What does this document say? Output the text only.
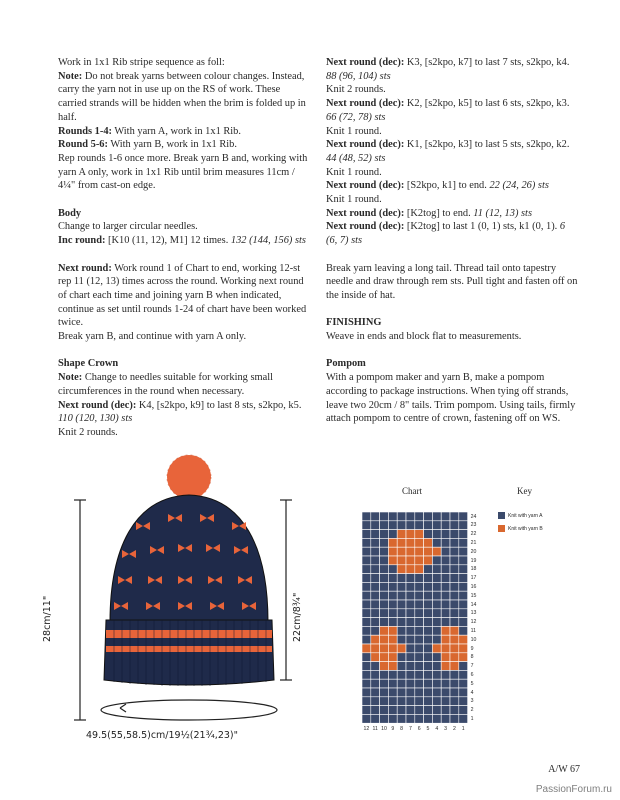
Work in 1x1 Rib stripe sequence as foll:

Note: Do not break yarns between colour changes. Instead, carry the yarn not in use up on the RS of work. These carried strands will be hidden when the brim is folded up in half.

Rounds 1-4: With yarn A, work in 1x1 Rib.

Round 5-6: With yarn B, work in 1x1 Rib.

Rep rounds 1-6 once more. Break yarn B and, working with yarn A only, work in 1x1 Rib until brim measures 11cm / 4¼" from cast-on edge.

Body

Change to larger circular needles.

Inc round: [K10 (11, 12), M1] 12 times. 132 (144, 156) sts

Next round: Work round 1 of Chart to end, working 12-st rep 11 (12, 13) times across the round. Working next round of chart each time and joining yarn B when indicated, continue as set until rounds 1-24 of chart have been worked twice.

Break yarn B, and continue with yarn A only.

Shape Crown

Note: Change to needles suitable for working small circumferences in the round when necessary.

Next round (dec): K4, [s2kpo, k9] to last 8 sts, s2kpo, k5. 110 (120, 130) sts

Knit 2 rounds.

Next round (dec): K3, [s2kpo, k7] to last 7 sts, s2kpo, k4. 88 (96, 104) sts

Knit 2 rounds.

Next round (dec): K2, [s2kpo, k5] to last 6 sts, s2kpo, k3. 66 (72, 78) sts

Knit 1 round.

Next round (dec): K1, [s2kpo, k3] to last 5 sts, s2kpo, k2. 44 (48, 52) sts

Knit 1 round.

Next round (dec): [S2kpo, k1] to end. 22 (24, 26) sts

Knit 1 round.

Next round (dec): [K2tog] to end. 11 (12, 13) sts

Next round (dec): [K2tog] to last 1 (0, 1) sts, k1 (0, 1). 6 (6, 7) sts

Break yarn leaving a long tail. Thread tail onto tapestry needle and draw through rem sts. Pull tight and fasten off on the inside of hat.

FINISHING

Weave in ends and block flat to measurements.

Pompom

With a pompom maker and yarn B, make a pompom according to package instructions. When tying off strands, leave two 20cm / 8" tails. Trim pompom. Using tails, firmly attach pompom to centre of crown, fastening off on WS.

28cm/11"	22cm/8¾"
49.5(55,58.5)cm/19½(21¾,23)"
Chart	Key
Knit with yarn A
Knit with yarn B
24
23
22
21
20
19
18
17
16
15
14
13
12
11
10
9
8
7
6
5
4
3
2
1
12 11 10 9	8	7	6	5	4	3	2	1
A/W 67
PassionForum.ru
